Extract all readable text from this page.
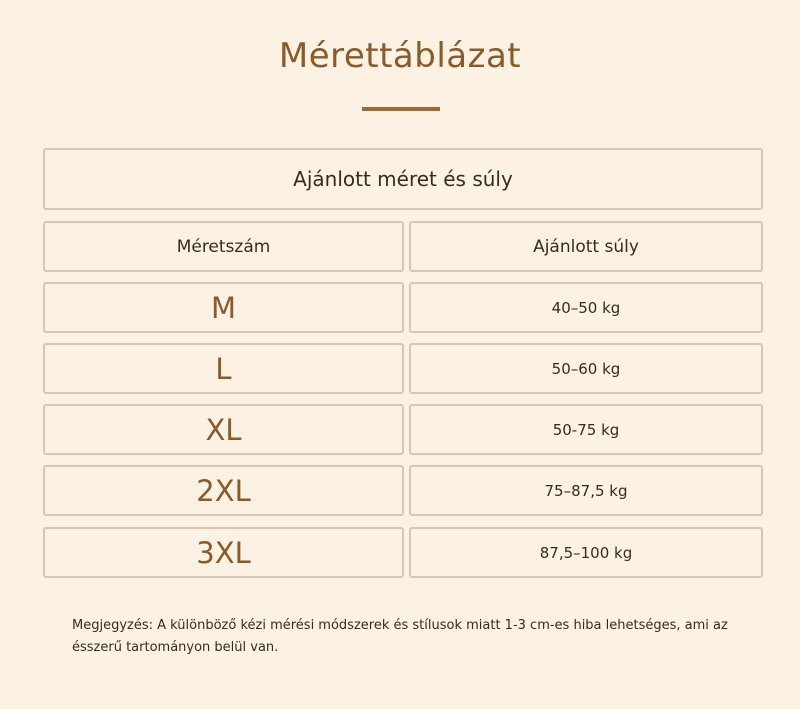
Mérettáblázat
Ajánlott méret és súly
Méretszám	Ajánlott súly
M	40–50 kg
L	50–60 kg
XL	50-75 kg
2XL	75–87,5 kg
3XL	87,5–100 kg
Megjegyzés: A különböző kézi mérési módszerek és stílusok miatt 1-3 cm-es hiba lehetséges, ami az ésszerű tartományon belül van.
